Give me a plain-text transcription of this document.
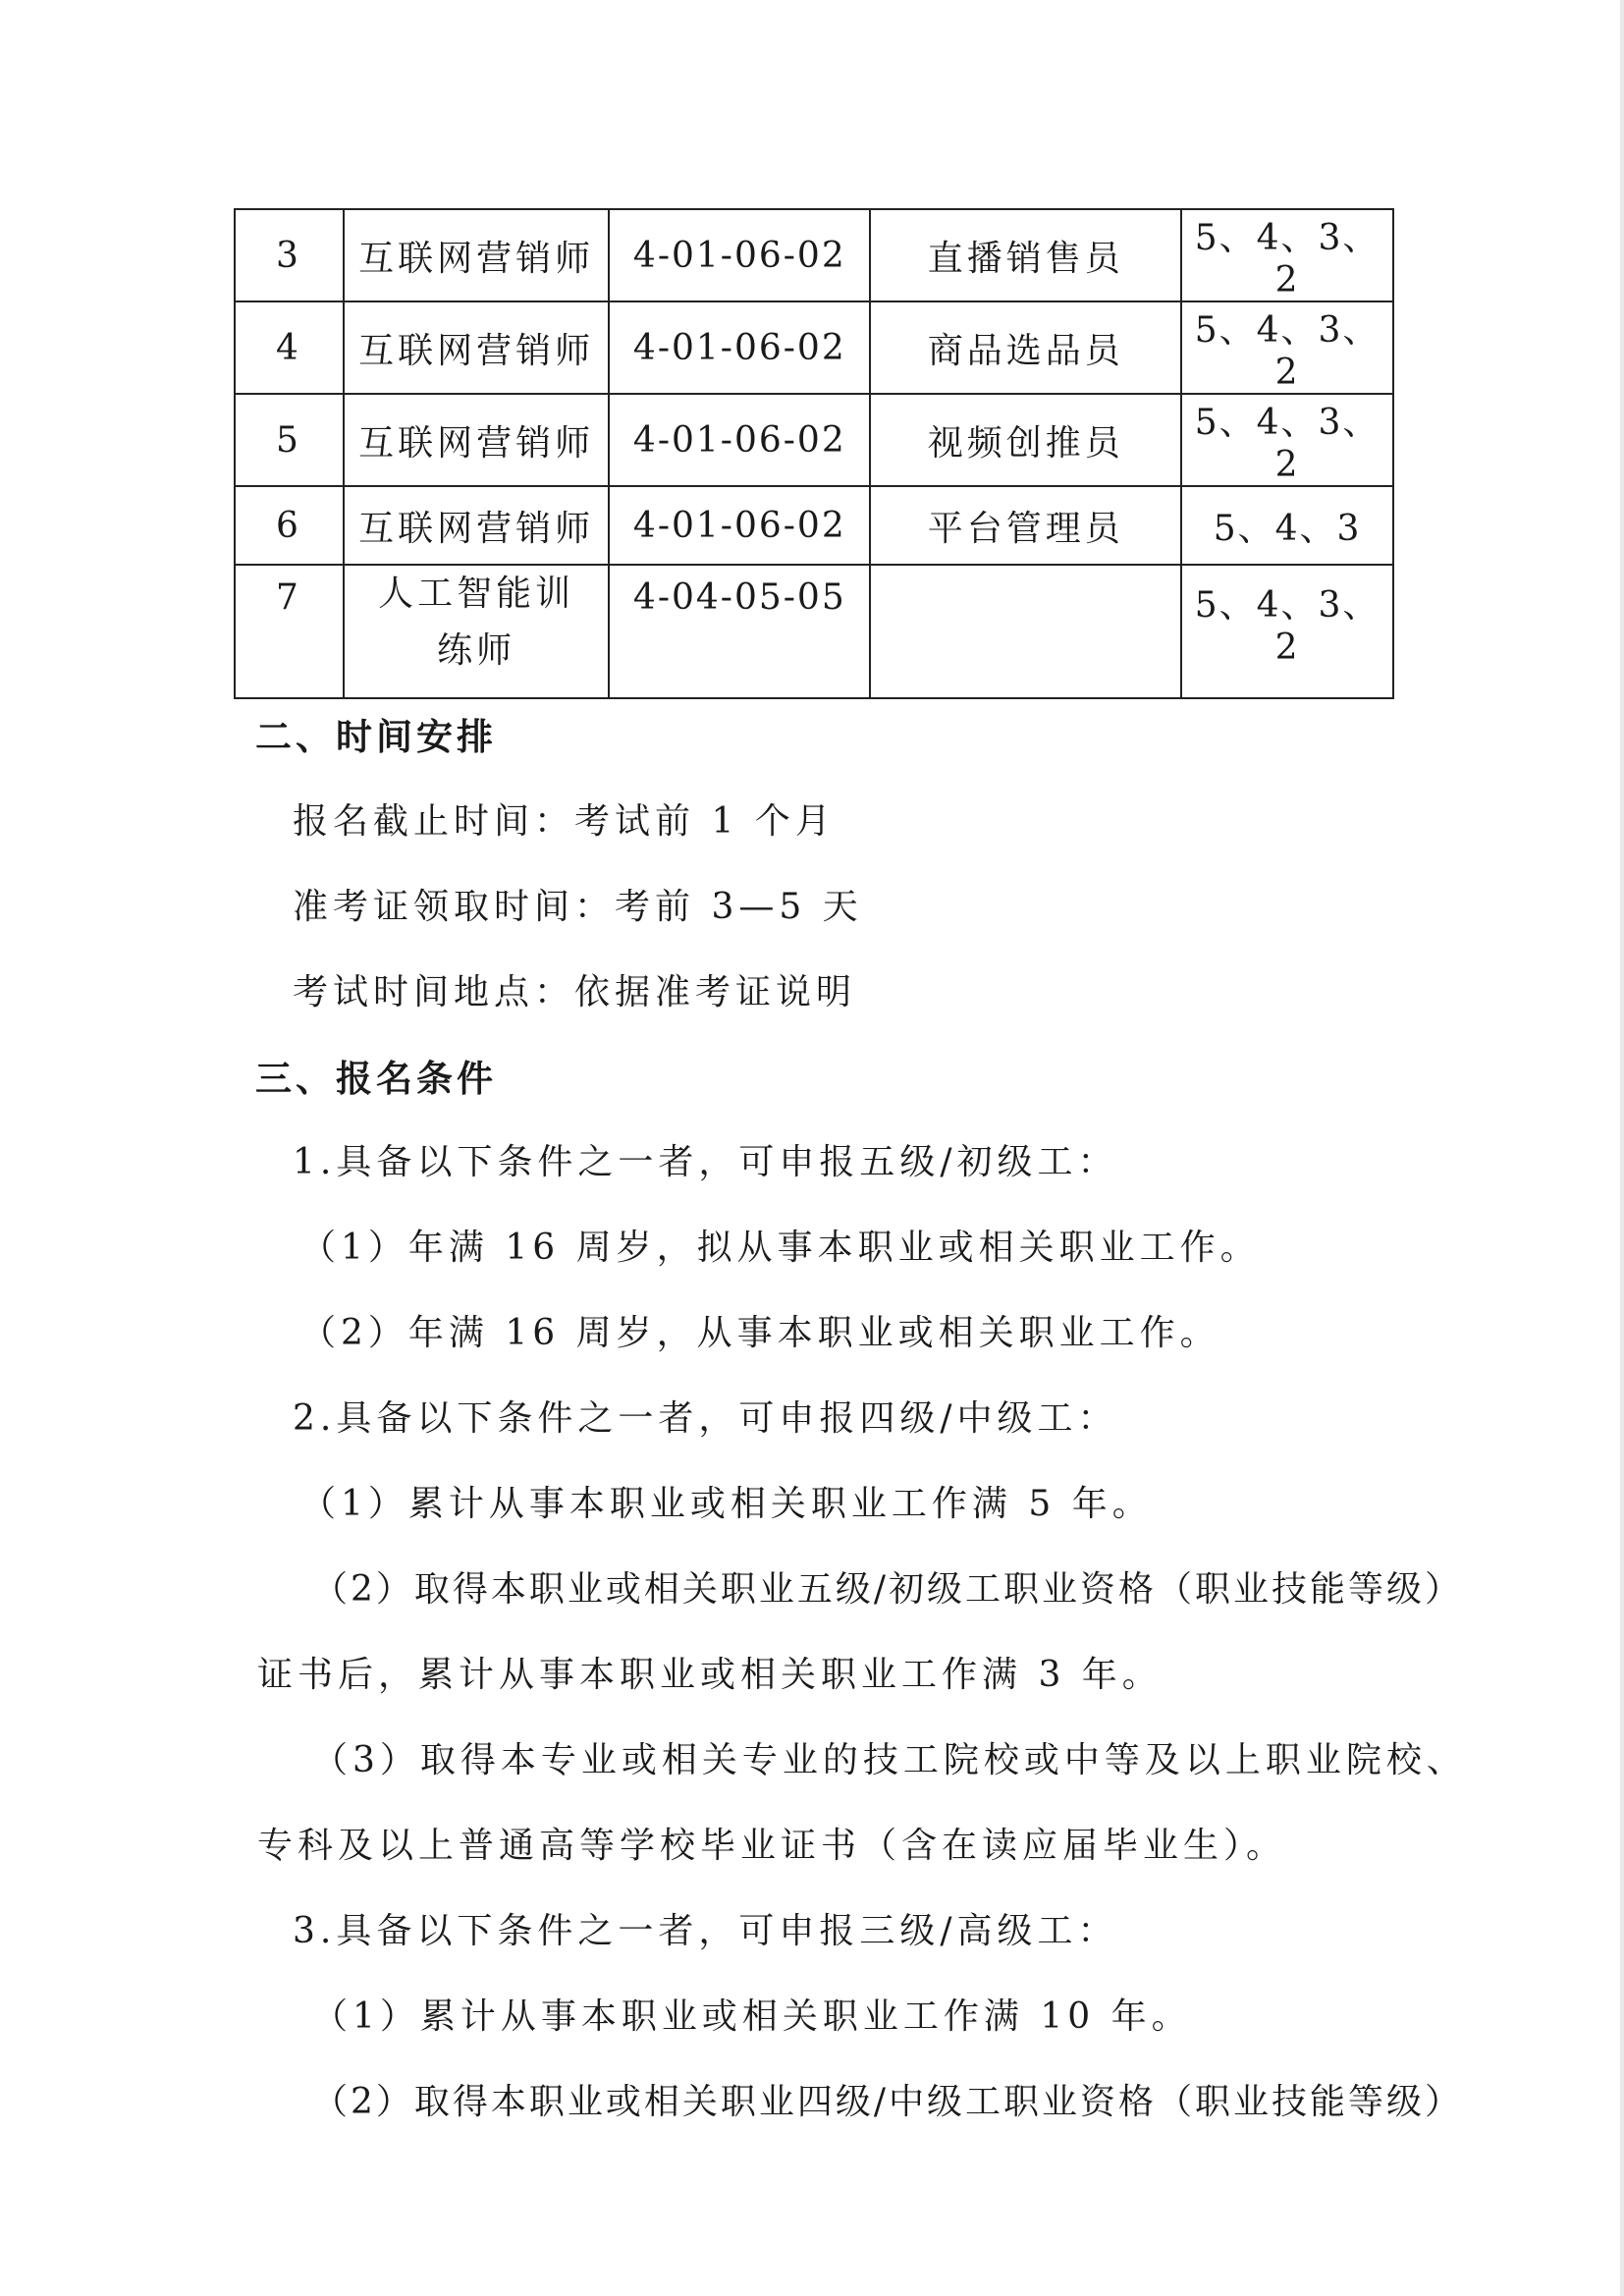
3	互联网营销师	4-01-06-02	直播销售员	5、4、3、2
4	互联网营销师	4-01-06-02	商品选品员	5、4、3、2
5	互联网营销师	4-01-06-02	视频创推员	5、4、3、2
6	互联网营销师	4-01-06-02	平台管理员	5、4、3
7	人工智能训练师	4-04-05-05		5、4、3、2
二、时间安排
报名截止时间：考试前 1 个月
准考证领取时间：考前 3—5 天
考试时间地点：依据准考证说明
三、报名条件
1.具备以下条件之一者，可申报五级/初级工：
（1）年满 16 周岁，拟从事本职业或相关职业工作。
（2）年满 16 周岁，从事本职业或相关职业工作。
2.具备以下条件之一者，可申报四级/中级工：
（1）累计从事本职业或相关职业工作满 5 年。
（2）取得本职业或相关职业五级/初级工职业资格（职业技能等级）
证书后，累计从事本职业或相关职业工作满 3 年。
（3）取得本专业或相关专业的技工院校或中等及以上职业院校、
专科及以上普通高等学校毕业证书（含在读应届毕业生）。
3.具备以下条件之一者，可申报三级/高级工：
（1）累计从事本职业或相关职业工作满 10 年。
（2）取得本职业或相关职业四级/中级工职业资格（职业技能等级）
